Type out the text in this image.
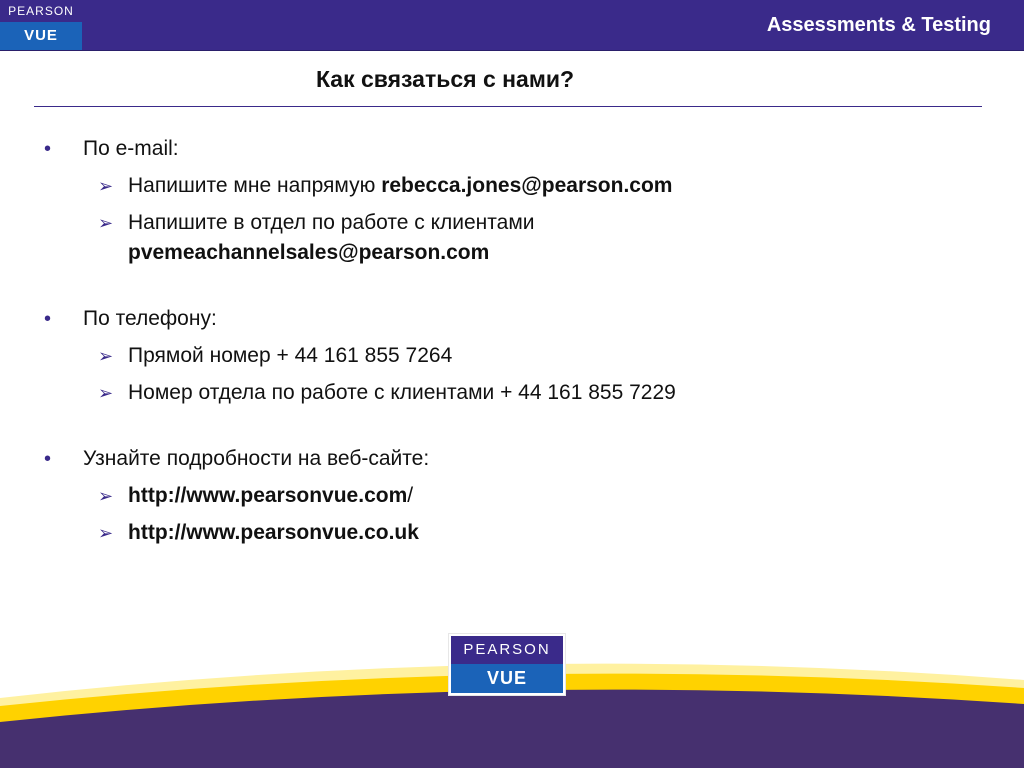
PEARSON
VUE	Assessments & Testing
Как связаться с нами?
• По e-mail:
➢ Напишите мне напрямую rebecca.jones@pearson.com
➢ Напишите в отдел по работе с клиентами
pvemeachannelsales@pearson.com
• По телефону:
➢ Прямой номер + 44 161 855 7264
➢ Номер отдела по работе с клиентами + 44 161 855 7229
• Узнайте подробности на веб-сайте:
➢ http://www.pearsonvue.com/
➢ http://www.pearsonvue.co.uk
PEARSON
VUE
